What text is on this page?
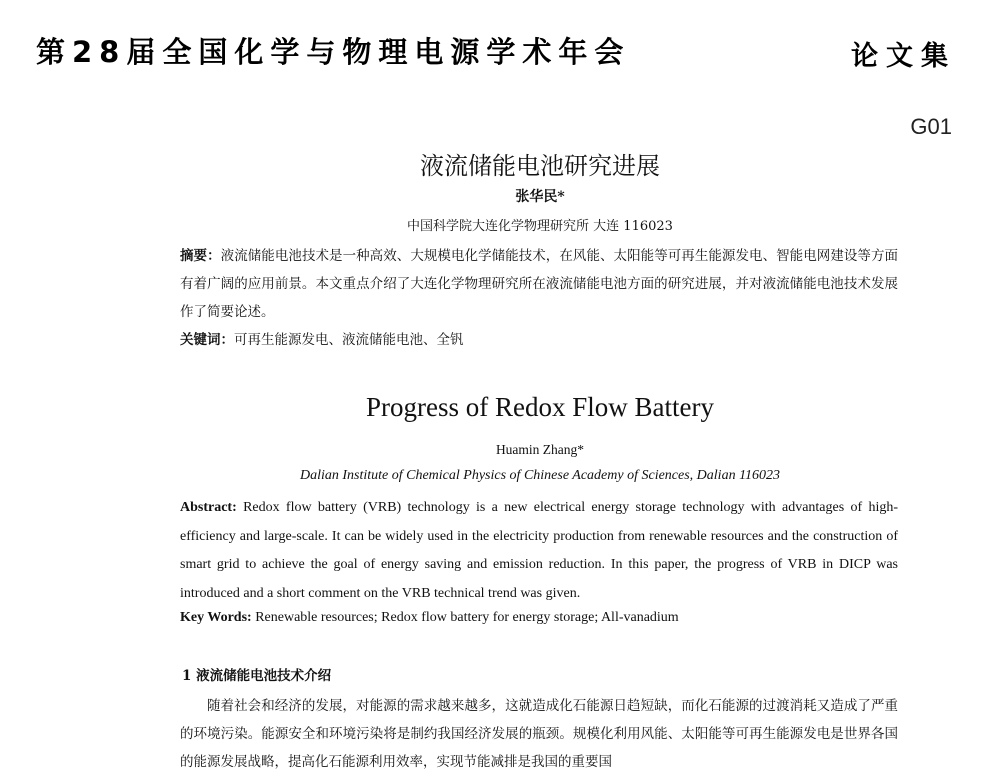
第28届全国化学与物理电源学术年会	论文集
G01
液流储能电池研究进展
张华民*
中国科学院大连化学物理研究所 大连 116023
摘要：液流储能电池技术是一种高效、大规模电化学储能技术，在风能、太阳能等可再生能源发电、智能电网建设等方面有着广阔的应用前景。本文重点介绍了大连化学物理研究所在液流储能电池方面的研究进展，并对液流储能电池技术发展作了简要论述。
关键词：可再生能源发电、液流储能电池、全钒
Progress of Redox Flow Battery
Huamin Zhang*
Dalian Institute of Chemical Physics of Chinese Academy of Sciences, Dalian 116023
Abstract: Redox flow battery (VRB) technology is a new electrical energy storage technology with advantages of high-efficiency and large-scale. It can be widely used in the electricity production from renewable resources and the construction of smart grid to achieve the goal of energy saving and emission reduction. In this paper, the progress of VRB in DICP was introduced and a short comment on the VRB technical trend was given.
Key Words: Renewable resources; Redox flow battery for energy storage; All-vanadium
1 液流储能电池技术介绍
随着社会和经济的发展，对能源的需求越来越多，这就造成化石能源日趋短缺，而化石能源的过渡消耗又造成了严重的环境污染。能源安全和环境污染将是制约我国经济发展的瓶颈。规模化利用风能、太阳能等可再生能源发电是世界各国的能源发展战略，提高化石能源利用效率，实现节能减排是我国的重要国
